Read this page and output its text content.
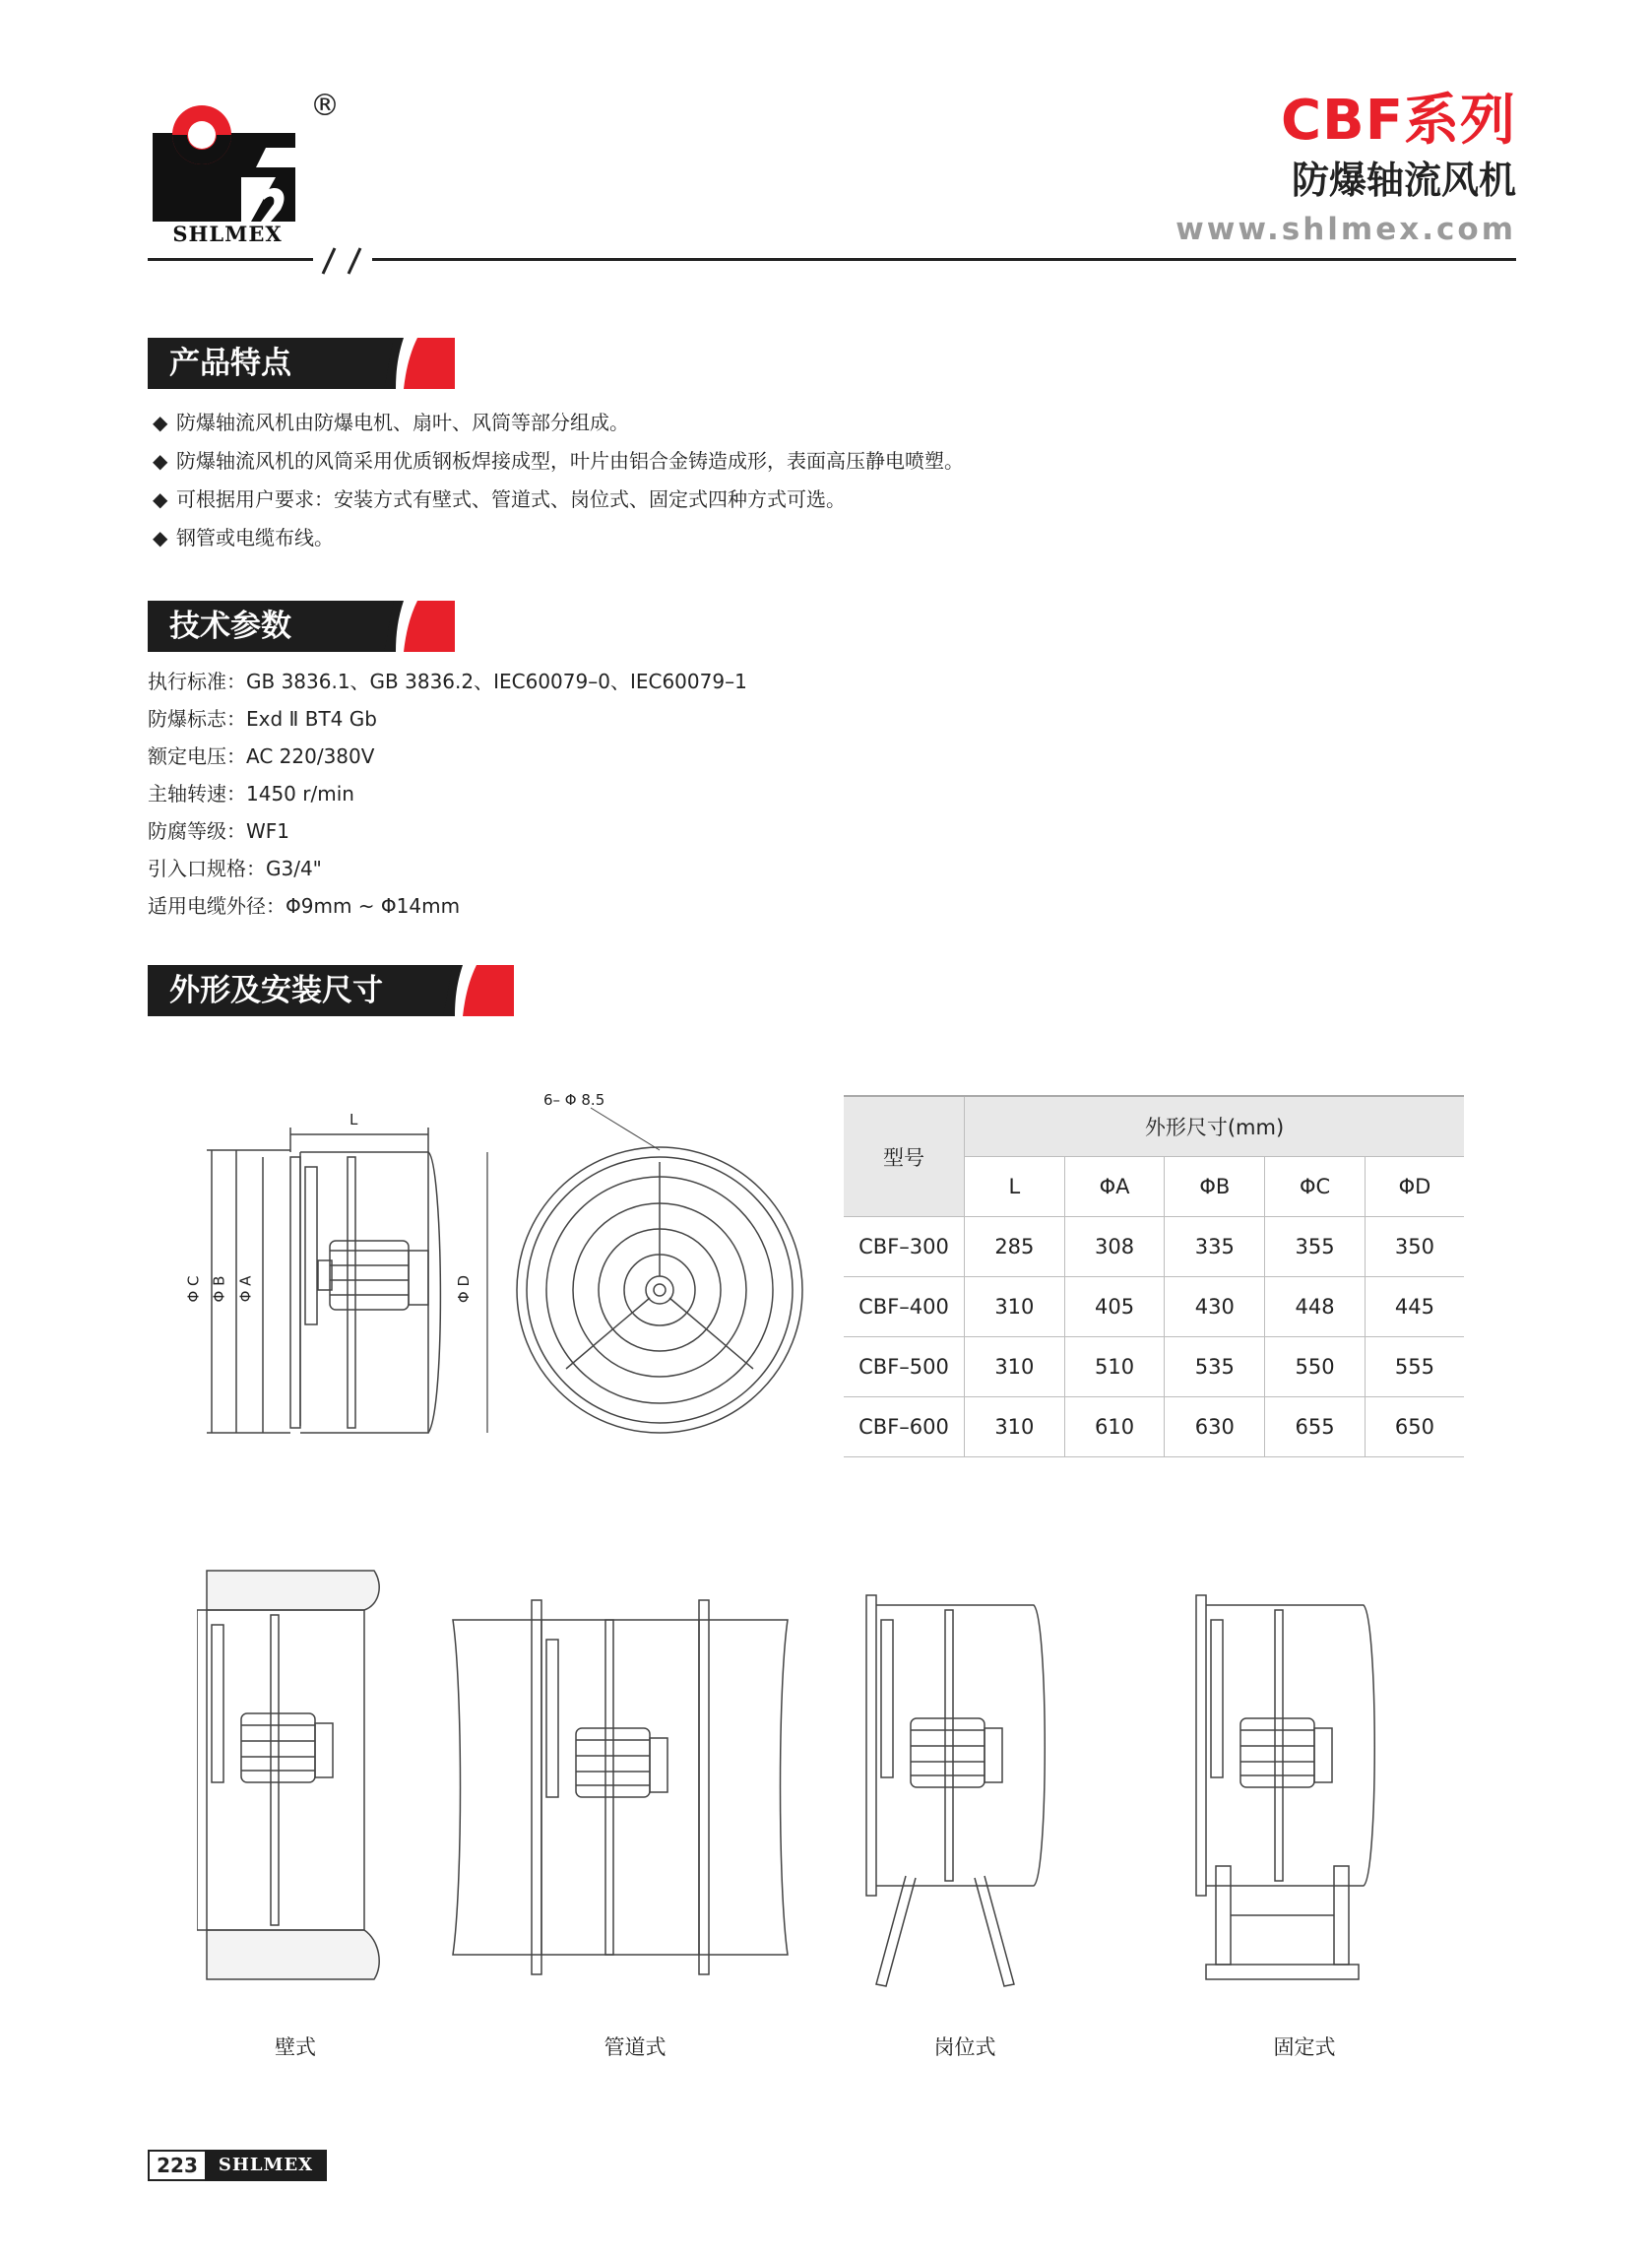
®
SHLMEX
CBF系列
防爆轴流风机
www.shlmex.com
产品特点
◆ 防爆轴流风机由防爆电机、扇叶、风筒等部分组成。
◆ 防爆轴流风机的风筒采用优质钢板焊接成型，叶片由铝合金铸造成形，表面高压静电喷塑。
◆ 可根据用户要求：安装方式有壁式、管道式、岗位式、固定式四种方式可选。
◆ 钢管或电缆布线。
技术参数
执行标准：GB 3836.1、GB 3836.2、IEC60079–0、IEC60079–1
防爆标志：Exd Ⅱ BT4 Gb
额定电压：AC 220/380V
主轴转速：1450 r/min
防腐等级：WF1
引入口规格：G3/4"
适用电缆外径：Φ9mm ~ Φ14mm
外形及安装尺寸
L
Φ C Φ B Φ A	Φ D
6– Φ 8.5
型号	外形尺寸(mm)				
	L	ΦA	ΦB	ΦC	ΦD
CBF–300	285	308	335	355	350
CBF–400	310	405	430	448	445
CBF–500	310	510	535	550	555
CBF–600	310	610	630	655	650
壁式	管道式	岗位式	固定式
223	SHLMEX
